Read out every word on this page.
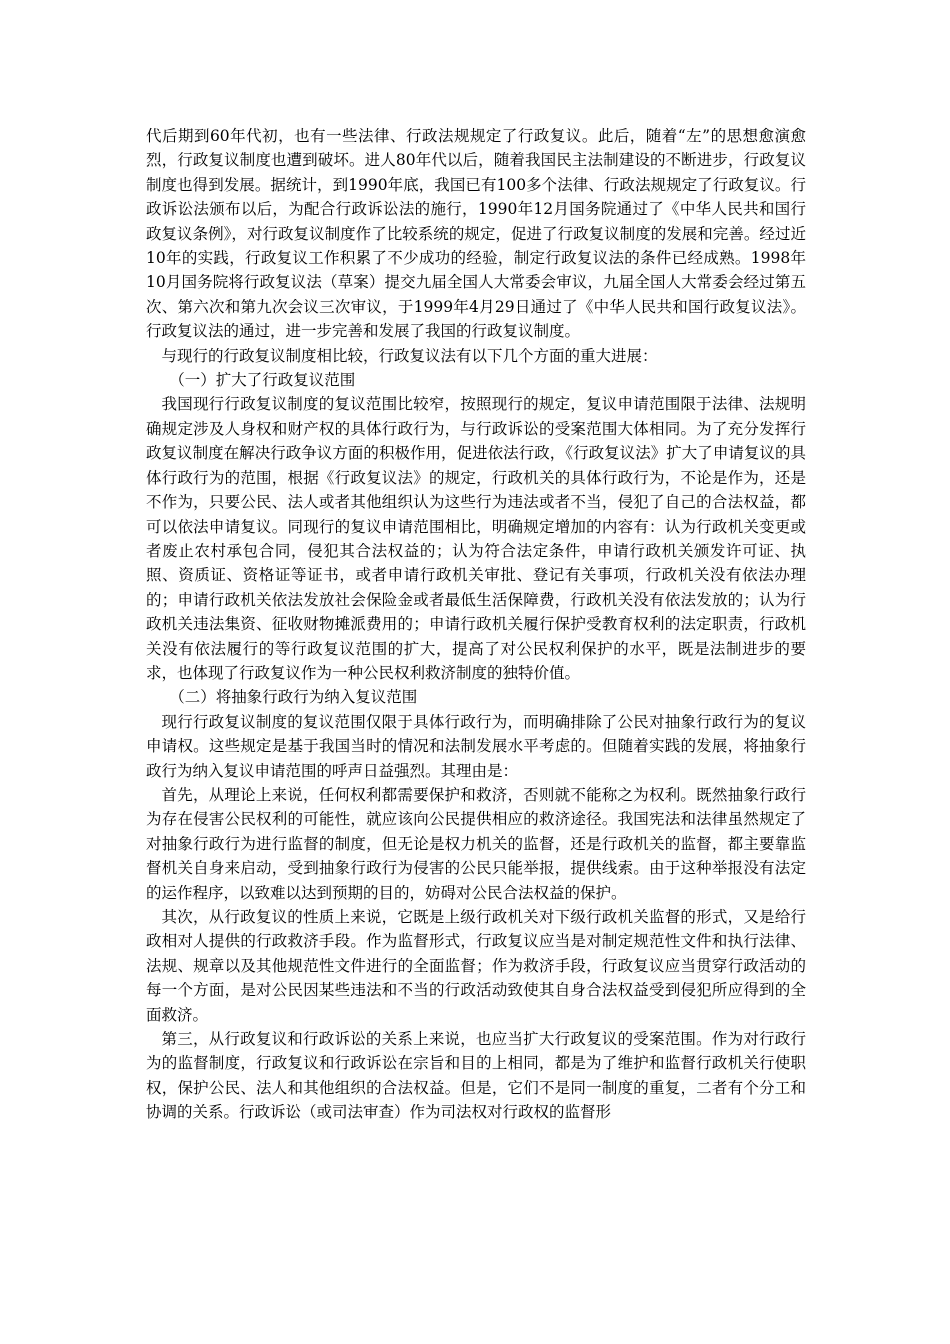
代后期到60年代初，也有一些法律、行政法规规定了行政复议。此后，随着“左”的思想愈演愈烈，行政复议制度也遭到破坏。进人80年代以后，随着我国民主法制建设的不断进步，行政复议制度也得到发展。据统计，到1990年底，我国已有100多个法律、行政法规规定了行政复议。行政诉讼法颁布以后，为配合行政诉讼法的施行，1990年12月国务院通过了《中华人民共和国行政复议条例》，对行政复议制度作了比较系统的规定，促进了行政复议制度的发展和完善。经过近10年的实践，行政复议工作积累了不少成功的经验，制定行政复议法的条件已经成熟。1998年10月国务院将行政复议法（草案）提交九届全国人大常委会审议，九届全国人大常委会经过第五次、第六次和第九次会议三次审议，于1999年4月29日通过了《中华人民共和国行政复议法》。行政复议法的通过，进一步完善和发展了我国的行政复议制度。

与现行的行政复议制度相比较，行政复议法有以下几个方面的重大进展：

（一）扩大了行政复议范围

我国现行行政复议制度的复议范围比较窄，按照现行的规定，复议申请范围限于法律、法规明确规定涉及人身权和财产权的具体行政行为，与行政诉讼的受案范围大体相同。为了充分发挥行政复议制度在解决行政争议方面的积极作用，促进依法行政，《行政复议法》扩大了申请复议的具体行政行为的范围，根据《行政复议法》的规定，行政机关的具体行政行为，不论是作为，还是不作为，只要公民、法人或者其他组织认为这些行为违法或者不当，侵犯了自己的合法权益，都可以依法申请复议。同现行的复议申请范围相比，明确规定增加的内容有：认为行政机关变更或者废止农村承包合同，侵犯其合法权益的；认为符合法定条件，申请行政机关颁发许可证、执照、资质证、资格证等证书，或者申请行政机关审批、登记有关事项，行政机关没有依法办理的；申请行政机关依法发放社会保险金或者最低生活保障费，行政机关没有依法发放的；认为行政机关违法集资、征收财物摊派费用的；申请行政机关履行保护受教育权利的法定职责，行政机关没有依法履行的等行政复议范围的扩大，提高了对公民权利保护的水平，既是法制进步的要求，也体现了行政复议作为一种公民权利救济制度的独特价值。

（二）将抽象行政行为纳入复议范围

现行行政复议制度的复议范围仅限于具体行政行为，而明确排除了公民对抽象行政行为的复议申请权。这些规定是基于我国当时的情况和法制发展水平考虑的。但随着实践的发展，将抽象行政行为纳入复议申请范围的呼声日益强烈。其理由是：

首先，从理论上来说，任何权利都需要保护和救济，否则就不能称之为权利。既然抽象行政行为存在侵害公民权利的可能性，就应该向公民提供相应的救济途径。我国宪法和法律虽然规定了对抽象行政行为进行监督的制度，但无论是权力机关的监督，还是行政机关的监督，都主要靠监督机关自身来启动，受到抽象行政行为侵害的公民只能举报，提供线索。由于这种举报没有法定的运作程序，以致难以达到预期的目的，妨碍对公民合法权益的保护。

其次，从行政复议的性质上来说，它既是上级行政机关对下级行政机关监督的形式，又是给行政相对人提供的行政救济手段。作为监督形式，行政复议应当是对制定规范性文件和执行法律、法规、规章以及其他规范性文件进行的全面监督；作为救济手段，行政复议应当贯穿行政活动的每一个方面，是对公民因某些违法和不当的行政活动致使其自身合法权益受到侵犯所应得到的全面救济。

第三，从行政复议和行政诉讼的关系上来说，也应当扩大行政复议的受案范围。作为对行政行为的监督制度，行政复议和行政诉讼在宗旨和目的上相同，都是为了维护和监督行政机关行使职权，保护公民、法人和其他组织的合法权益。但是，它们不是同一制度的重复，二者有个分工和协调的关系。行政诉讼（或司法审查）作为司法权对行政权的监督形
